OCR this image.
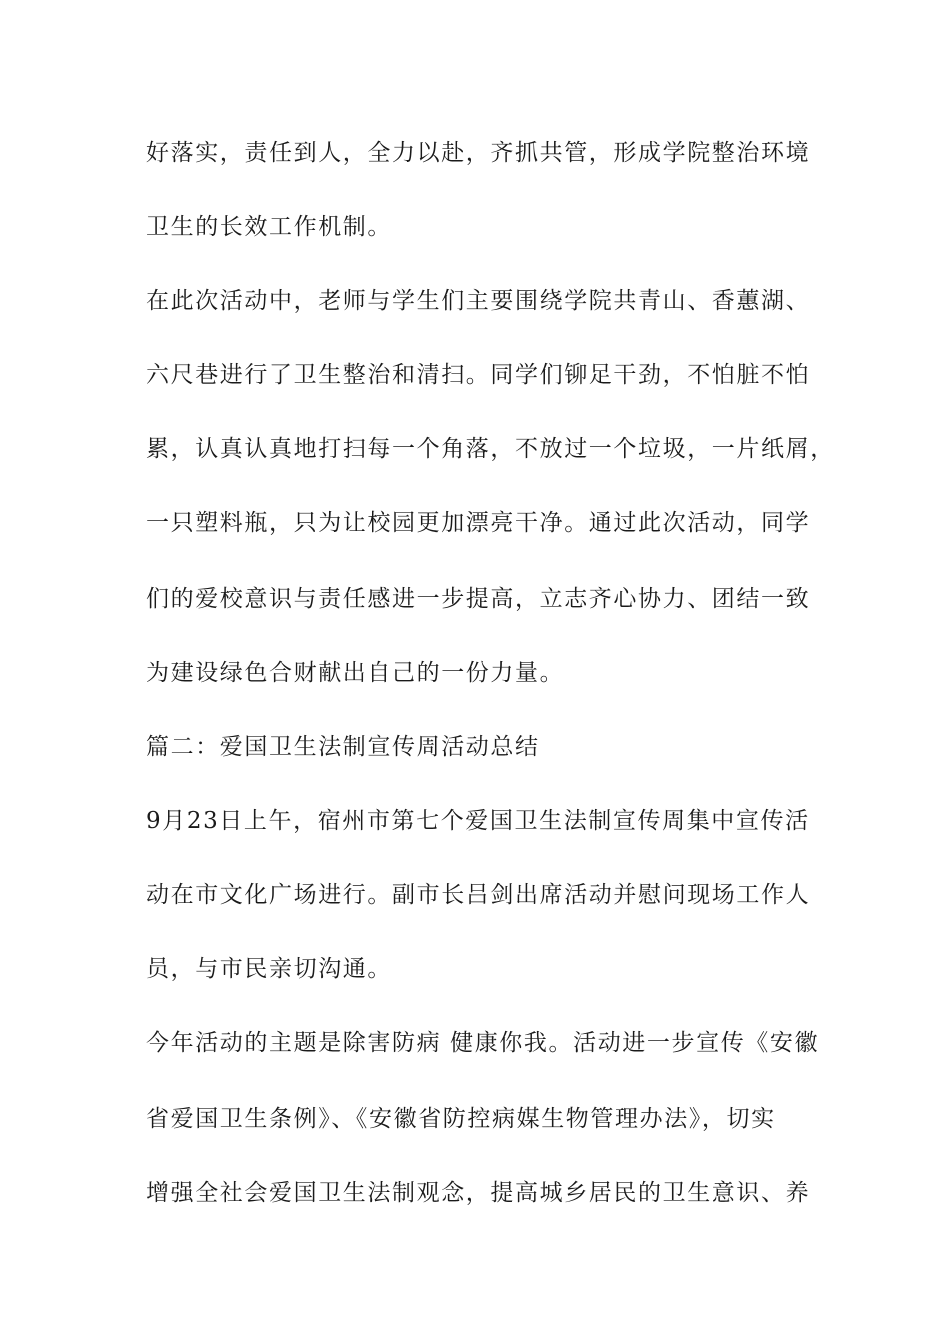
好落实，责任到人，全力以赴，齐抓共管，形成学院整治环境
卫生的长效工作机制。
在此次活动中，老师与学生们主要围绕学院共青山、香蕙湖、
六尺巷进行了卫生整治和清扫。同学们铆足干劲，不怕脏不怕
累，认真认真地打扫每一个角落，不放过一个垃圾，一片纸屑，
一只塑料瓶，只为让校园更加漂亮干净。通过此次活动，同学
们的爱校意识与责任感进一步提高，立志齐心协力、团结一致
为建设绿色合财献出自己的一份力量。
篇二：爱国卫生法制宣传周活动总结
9月23日上午，宿州市第七个爱国卫生法制宣传周集中宣传活
动在市文化广场进行。副市长吕剑出席活动并慰问现场工作人
员，与市民亲切沟通。
今年活动的主题是除害防病 健康你我。活动进一步宣传《安徽
省爱国卫生条例》、《安徽省防控病媒生物管理办法》，切实
增强全社会爱国卫生法制观念，提高城乡居民的卫生意识、养
